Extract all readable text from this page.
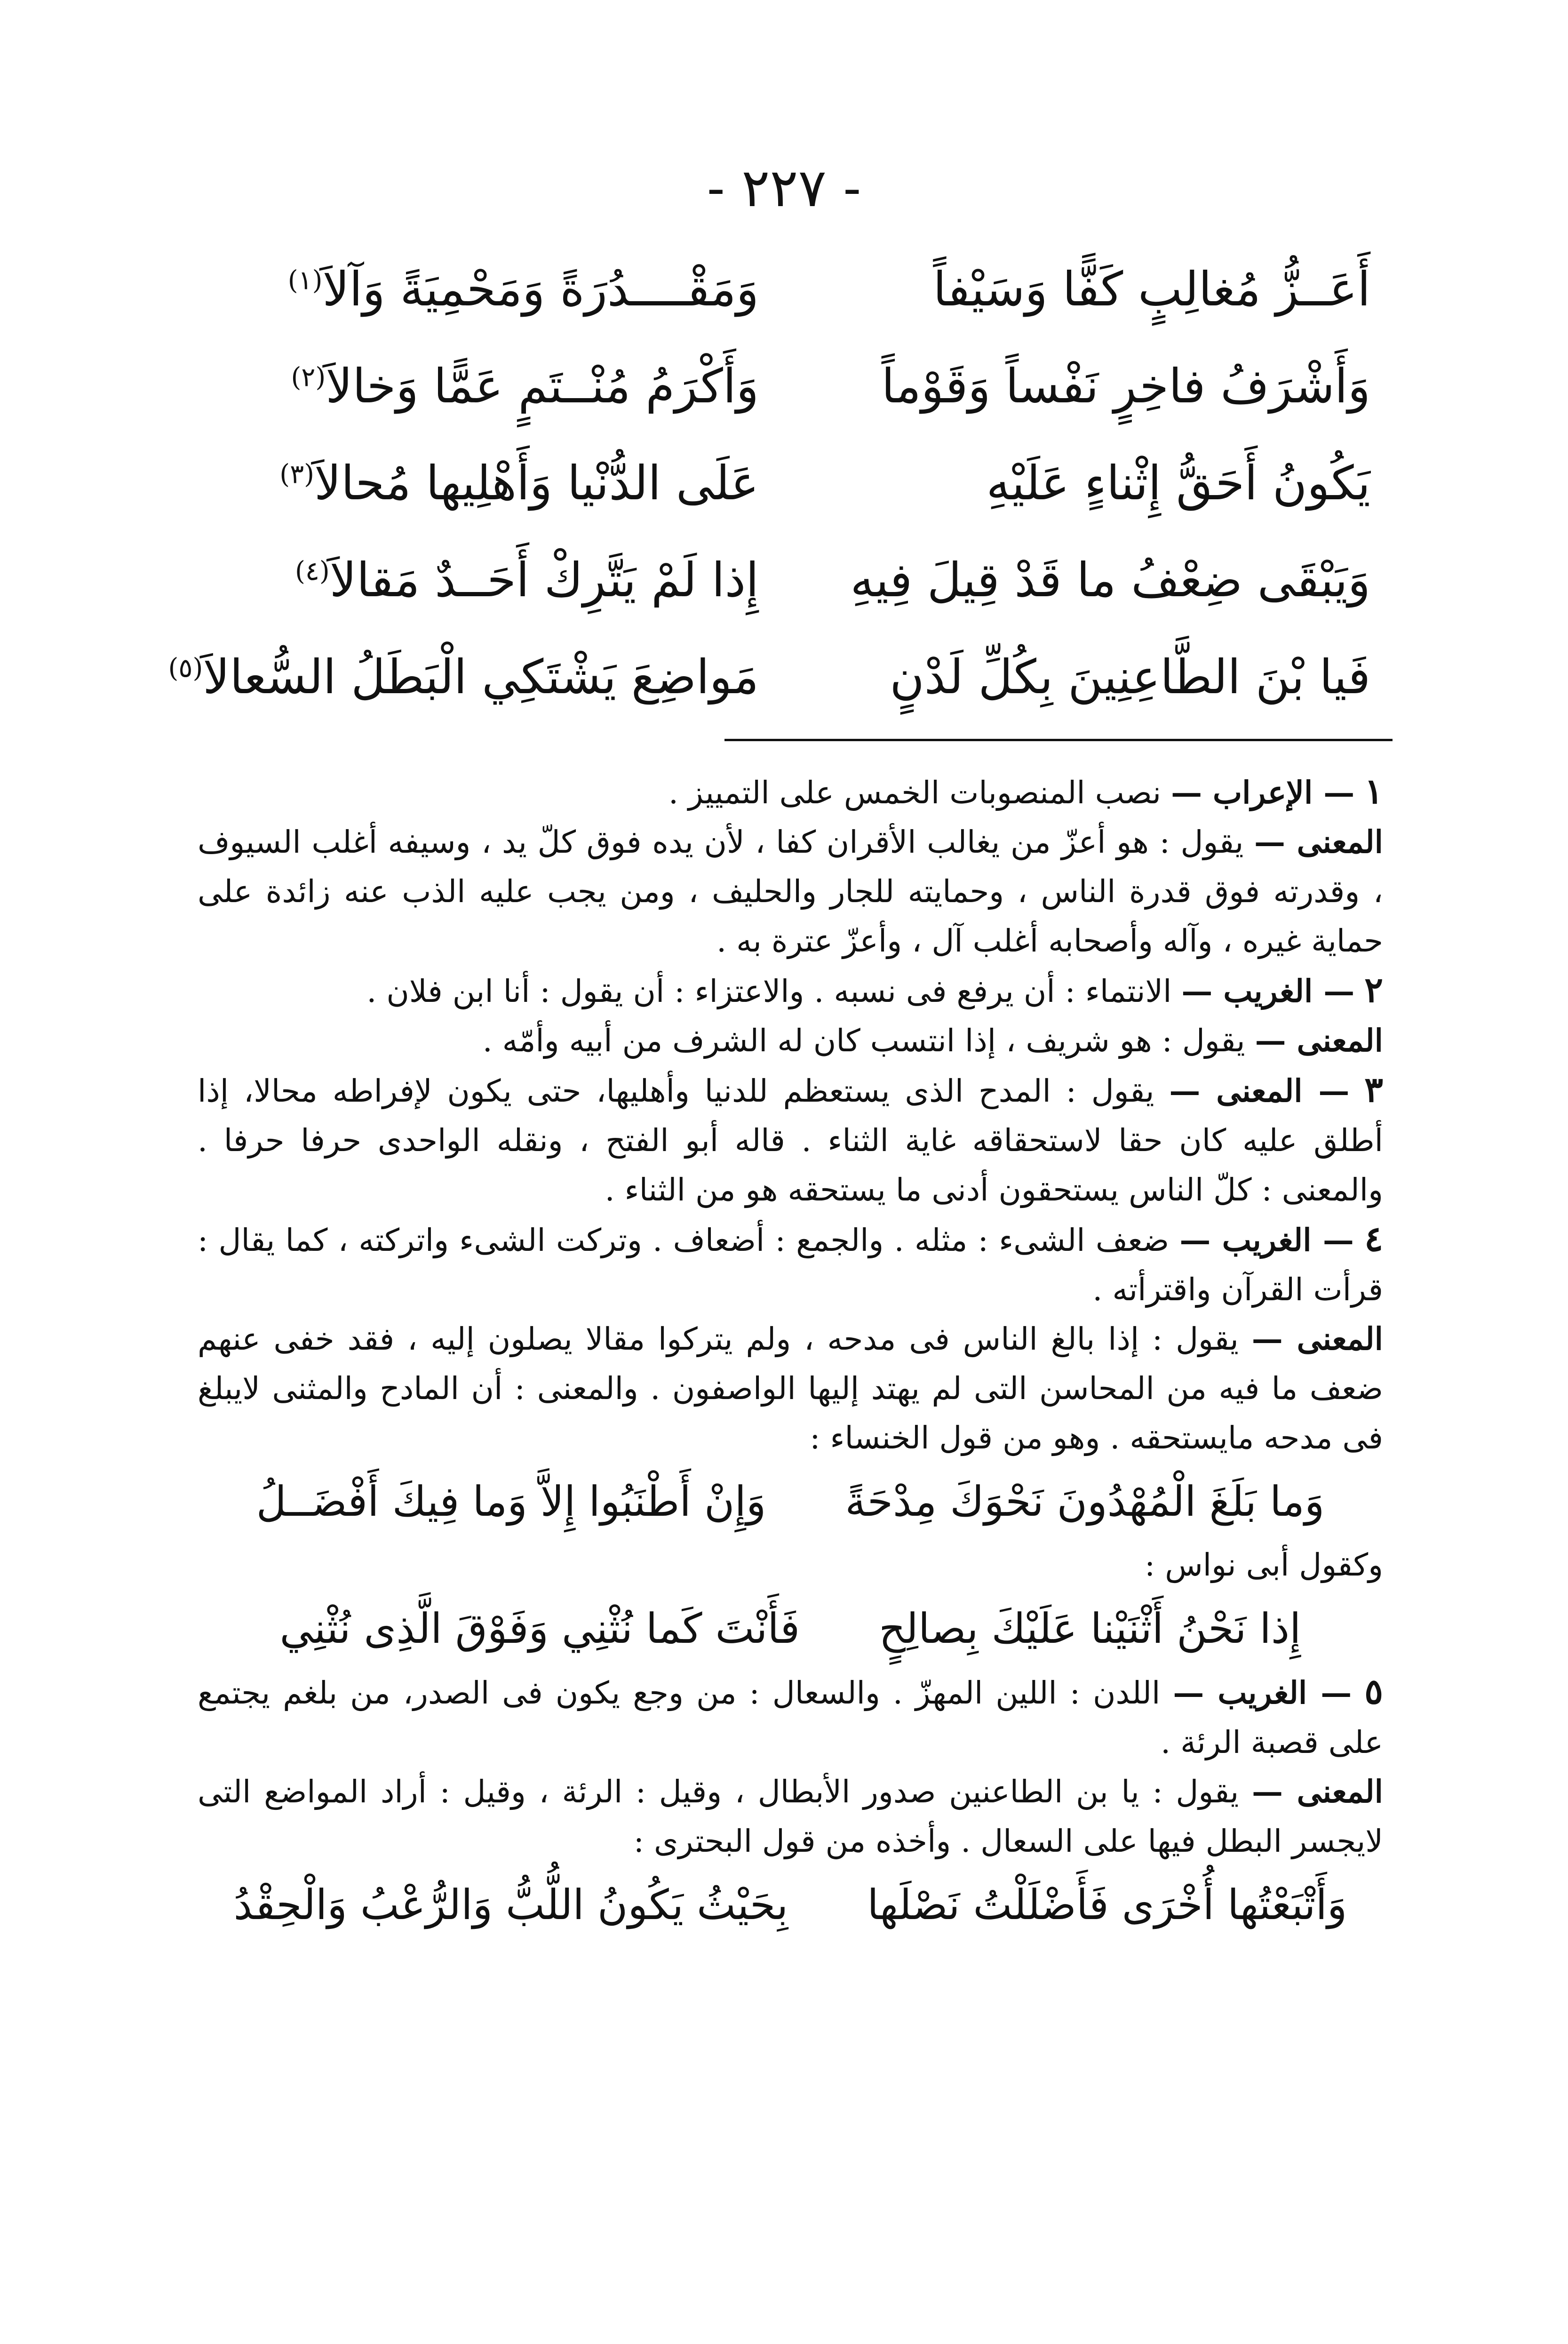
- ٢٢٧ -
أَعَــزُّ مُغالِبٍ كَفًّا وَسَيْفاً
وَمَقْــــدُرَةً وَمَحْمِيَةً وَآلاَ$^{(١)}$
وَأَشْرَفُ فاخِرٍ نَفْساً وَقَوْماً
وَأَكْرَمُ مُنْــتَمٍ عَمًّا وَخالاَ$^{(٢)}$
يَكُونُ أَحَقُّ إِثْناءٍ عَلَيْهِ
عَلَى الدُّنْيا وَأَهْلِيها مُحالاَ$^{(٣)}$
وَيَبْقَى ضِعْفُ ما قَدْ قِيلَ فِيهِ
إِذا لَمْ يَتَّرِكْ أَحَــدٌ مَقالاَ$^{(٤)}$
فَيا بْنَ الطَّاعِنِينَ بِكُلِّ لَدْنٍ
مَواضِعَ يَشْتَكِي الْبَطَلُ السُّعالاَ$^{(٥)}$

١ — الإعراب — نصب المنصوبات الخمس على التمييز .

المعنى — يقول : هو أعزّ من يغالب الأقران كفا ، لأن يده فوق كلّ يد ، وسيفه أغلب السيوف ، وقدرته فوق قدرة الناس ، وحمايته للجار والحليف ، ومن يجب عليه الذب عنه زائدة على حماية غيره ، وآله وأصحابه أغلب آل ، وأعزّ عترة به .

٢ — الغريب — الانتماء : أن يرفع فى نسبه . والاعتزاء : أن يقول : أنا ابن فلان .

المعنى — يقول : هو شريف ، إذا انتسب كان له الشرف من أبيه وأمّه .

٣ — المعنى — يقول : المدح الذى يستعظم للدنيا وأهليها، حتى يكون لإفراطه محالا، إذا أطلق عليه كان حقا لاستحقاقه غاية الثناء . قاله أبو الفتح ، ونقله الواحدى حرفا حرفا . والمعنى : كلّ الناس يستحقون أدنى ما يستحقه هو من الثناء .

٤ — الغريب — ضعف الشىء : مثله . والجمع : أضعاف . وتركت الشىء واتركته ، كما يقال : قرأت القرآن واقترأته .

المعنى — يقول : إذا بالغ الناس فى مدحه ، ولم يتركوا مقالا يصلون إليه ، فقد خفى عنهم ضعف ما فيه من المحاسن التى لم يهتد إليها الواصفون . والمعنى : أن المادح والمثنى لايبلغ فى مدحه مايستحقه . وهو من قول الخنساء :

وَما بَلَغَ الْمُهْدُونَ نَحْوَكَ مِدْحَةً وَإِنْ أَطْنَبُوا إِلاَّ وَما فِيكَ أَفْضَــلُ

وكقول أبى نواس :

إِذا نَحْنُ أَثْنَيْنا عَلَيْكَ بِصالِحٍ فَأَنْتَ كَما نُثْنِي وَفَوْقَ الَّذِى نُثْنِي

٥ — الغريب — اللدن : اللين المهزّ . والسعال : من وجع يكون فى الصدر، من بلغم يجتمع على قصبة الرئة .

المعنى — يقول : يا بن الطاعنين صدور الأبطال ، وقيل : الرئة ، وقيل : أراد المواضع التى لايجسر البطل فيها على السعال . وأخذه من قول البحترى :

وَأَتْبَعْتُها أُخْرَى فَأَضْلَلْتُ نَصْلَها بِحَيْثُ يَكُونُ اللُّبُّ وَالرُّعْبُ وَالْحِقْدُ
